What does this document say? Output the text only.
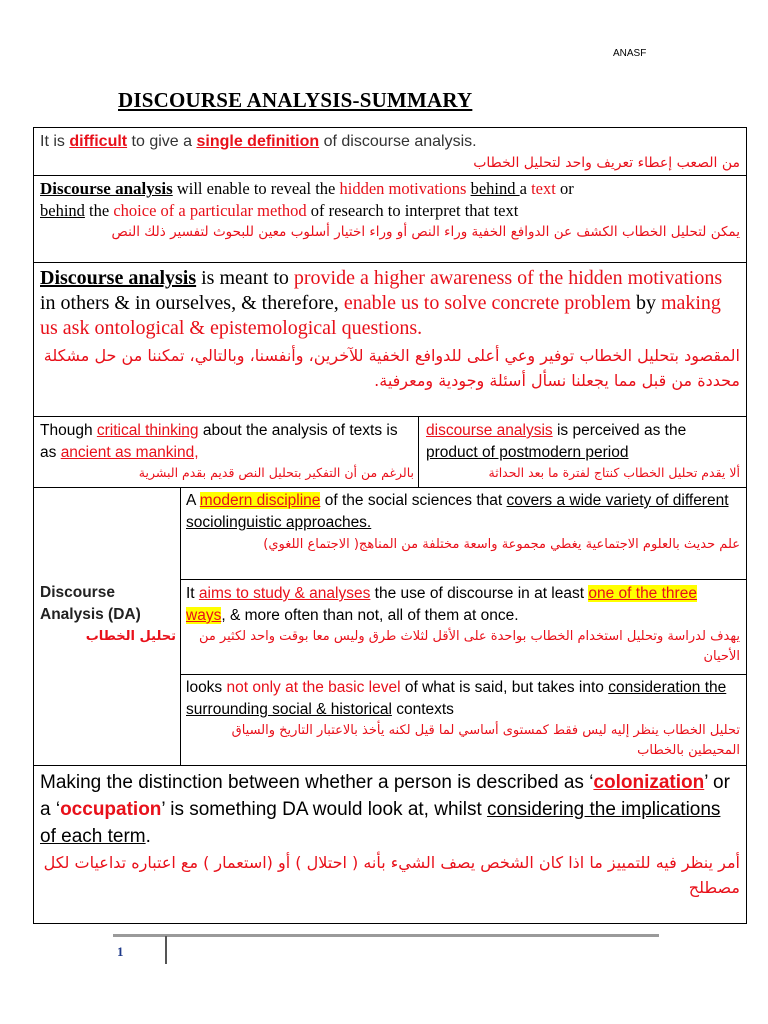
ANASF
DISCOURSE ANALYSIS-SUMMARY
It is difficult to give a single definition of discourse analysis.
من الصعب إعطاء تعريف واحد لتحليل الخطاب
Discourse analysis will enable to reveal the hidden motivations behind a text or
behind the choice of a particular method of research to interpret that text
يمكن لتحليل الخطاب الكشف عن الدوافع الخفية وراء النص أو وراء اختيار أسلوب معين للبحوث لتفسير ذلك النص
Discourse analysis is meant to provide a higher awareness of the hidden motivations in others & in ourselves, & therefore, enable us to solve concrete problem by making us ask ontological & epistemological questions.
المقصود بتحليل الخطاب توفير وعي أعلى للدوافع الخفية للآخرين، وأنفسنا، وبالتالي، تمكننا من حل مشكلة محددة من قبل مما يجعلنا نسأل أسئلة وجودية ومعرفية.
Though critical thinking about the analysis of texts is as ancient as mankind,
بالرغم من أن التفكير بتحليل النص قديم بقدم البشرية
discourse analysis is perceived as the product of postmodern period
ألا يقدم تحليل الخطاب كنتاج لفترة ما بعد الحداثة
Discourse
Analysis (DA)
تحليل الخطاب
A modern discipline of the social sciences that covers a wide variety of different sociolinguistic approaches.
علم حديث بالعلوم الاجتماعية يغطي مجموعة واسعة مختلفة من المناهج( الاجتماع اللغوي)
It aims to study & analyses the use of discourse in at least one of the three ways, & more often than not, all of them at once.
يهدف لدراسة وتحليل استخدام الخطاب بواحدة على الأقل لثلاث طرق وليس معا بوقت واحد لكثير من الأحيان
looks not only at the basic level of what is said, but takes into consideration the surrounding social & historical contexts
تحليل الخطاب ينظر إليه ليس فقط كمستوى أساسي لما قيل لكنه يأخذ بالاعتبار التاريخ والسياق المحيطين بالخطاب
Making the distinction between whether a person is described as ‘colonization’ or a ‘occupation’ is something DA would look at, whilst considering the implications of each term.
أمر ينظر فيه للتمييز ما اذا كان الشخص يصف الشيء بأنه ( احتلال ) أو (استعمار ) مع اعتباره تداعيات لكل مصطلح
1
